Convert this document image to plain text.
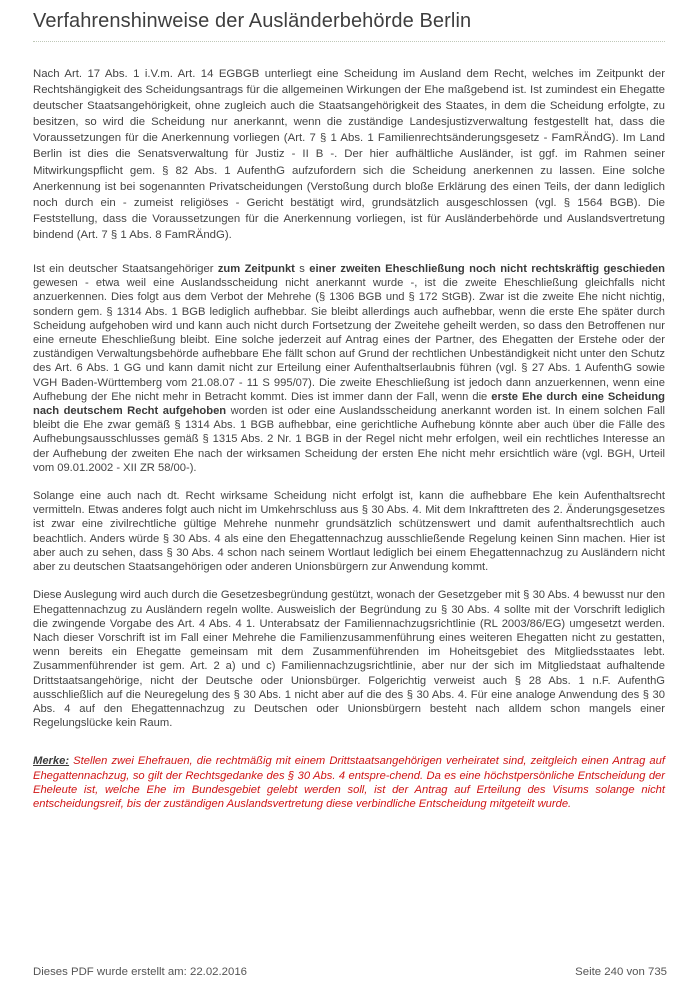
Verfahrenshinweise der Ausländerbehörde Berlin

Nach Art. 17 Abs. 1 i.V.m. Art. 14 EGBGB unterliegt eine Scheidung im Ausland dem Recht, welches im Zeitpunkt der Rechtshängigkeit des Scheidungsantrags für die allgemeinen Wirkungen der Ehe maßgebend ist. Ist zumindest ein Ehegatte deutscher Staatsangehörigkeit, ohne zugleich auch die Staatsangehörigkeit des Staates, in dem die Scheidung erfolgte, zu besitzen, so wird die Scheidung nur anerkannt, wenn die zuständige Landesjustizverwaltung festgestellt hat, dass die Voraussetzungen für die Anerkennung vorliegen (Art. 7 § 1 Abs. 1 Familienrechtsänderungsgesetz - FamRÄndG). Im Land Berlin ist dies die Senatsverwaltung für Justiz - II B -. Der hier aufhältliche Ausländer, ist ggf. im Rahmen seiner Mitwirkungspflicht gem. § 82 Abs. 1 AufenthG aufzufordern sich die Scheidung anerkennen zu lassen. Eine solche Anerkennung ist bei sogenannten Privatscheidungen (Verstoßung durch bloße Erklärung des einen Teils, der dann lediglich noch durch ein - zumeist religiöses - Gericht bestätigt wird, grundsätzlich ausgeschlossen (vgl. § 1564 BGB). Die Feststellung, dass die Voraussetzungen für die Anerkennung vorliegen, ist für Ausländerbehörde und Auslandsvertretung bindend (Art. 7 § 1 Abs. 8 FamRÄndG).

Ist ein deutscher Staatsangehöriger zum Zeitpunkt s einer zweiten Eheschließung noch nicht rechtskräftig geschieden gewesen - etwa weil eine Auslandsscheidung nicht anerkannt wurde -, ist die zweite Eheschließung gleichfalls nicht anzuerkennen. Dies folgt aus dem Verbot der Mehrehe (§ 1306 BGB und § 172 StGB). Zwar ist die zweite Ehe nicht nichtig, sondern gem. § 1314 Abs. 1 BGB lediglich aufhebbar. Sie bleibt allerdings auch aufhebbar, wenn die erste Ehe später durch Scheidung aufgehoben wird und kann auch nicht durch Fortsetzung der Zweitehe geheilt werden, so dass den Betroffenen nur eine erneute Eheschließung bleibt. Eine solche jederzeit auf Antrag eines der Partner, des Ehegatten der Erstehe oder der zuständigen Verwaltungsbehörde aufhebbare Ehe fällt schon auf Grund der rechtlichen Unbeständigkeit nicht unter den Schutz des Art. 6 Abs. 1 GG und kann damit nicht zur Erteilung einer Aufenthaltserlaubnis führen (vgl. § 27 Abs. 1 AufenthG sowie VGH Baden-Württemberg vom 21.08.07 - 11 S 995/07). Die zweite Eheschließung ist jedoch dann anzuerkennen, wenn eine Aufhebung der Ehe nicht mehr in Betracht kommt. Dies ist immer dann der Fall, wenn die erste Ehe durch eine Scheidung nach deutschem Recht aufgehoben worden ist oder eine Auslandsscheidung anerkannt worden ist. In einem solchen Fall bleibt die Ehe zwar gemäß § 1314 Abs. 1 BGB aufhebbar, eine gerichtliche Aufhebung könnte aber auch über die Fälle des Aufhebungsausschlusses gemäß § 1315 Abs. 2 Nr. 1 BGB in der Regel nicht mehr erfolgen, weil ein rechtliches Interesse an der Aufhebung der zweiten Ehe nach der wirksamen Scheidung der ersten Ehe nicht mehr ersichtlich wäre (vgl. BGH, Urteil vom 09.01.2002 - XII ZR 58/00-).

Solange eine auch nach dt. Recht wirksame Scheidung nicht erfolgt ist, kann die aufhebbare Ehe kein Aufenthaltsrecht vermitteln. Etwas anderes folgt auch nicht im Umkehrschluss aus § 30 Abs. 4. Mit dem Inkrafttreten des 2. Änderungsgesetzes ist zwar eine zivilrechtliche gültige Mehrehe nunmehr grundsätzlich schützenswert und damit aufenthaltsrechtlich auch beachtlich. Anders würde § 30 Abs. 4 als eine den Ehegattennachzug ausschließende Regelung keinen Sinn machen. Hier ist aber auch zu sehen, dass § 30 Abs. 4 schon nach seinem Wortlaut lediglich bei einem Ehegattennachzug zu Ausländern nicht aber zu deutschen Staatsangehörigen oder anderen Unionsbürgern zur Anwendung kommt.

Diese Auslegung wird auch durch die Gesetzesbegründung gestützt, wonach der Gesetzgeber mit § 30 Abs. 4 bewusst nur den Ehegattennachzug zu Ausländern regeln wollte. Ausweislich der Begründung zu § 30 Abs. 4 sollte mit der Vorschrift lediglich die zwingende Vorgabe des Art. 4 Abs. 4 1. Unterabsatz der Familiennachzugsrichtlinie (RL 2003/86/EG) umgesetzt werden. Nach dieser Vorschrift ist im Fall einer Mehrehe die Familienzusammenführung eines weiteren Ehegatten nicht zu gestatten, wenn bereits ein Ehegatte gemeinsam mit dem Zusammenführenden im Hoheitsgebiet des Mitgliedsstaates lebt. Zusammenführender ist gem. Art. 2 a) und c) Familiennachzugsrichtlinie, aber nur der sich im Mitgliedstaat aufhaltende Drittstaatsangehörige, nicht der Deutsche oder Unionsbürger. Folgerichtig verweist auch § 28 Abs. 1 n.F. AufenthG ausschließlich auf die Neuregelung des § 30 Abs. 1 nicht aber auf die des § 30 Abs. 4. Für eine analoge Anwendung des § 30 Abs. 4 auf den Ehegattennachzug zu Deutschen oder Unionsbürgern besteht nach alldem schon mangels einer Regelungslücke kein Raum.

Merke: Stellen zwei Ehefrauen, die rechtmäßig mit einem Drittstaatsangehörigen verheiratet sind, zeitgleich einen Antrag auf Ehegattennachzug, so gilt der Rechtsgedanke des § 30 Abs. 4 entspre-chend. Da es eine höchstpersönliche Entscheidung der Eheleute ist, welche Ehe im Bundesgebiet gelebt werden soll, ist der Antrag auf Erteilung des Visums solange nicht entscheidungsreif, bis der zuständigen Auslandsvertretung diese verbindliche Entscheidung mitgeteilt wurde.

Dieses PDF wurde erstellt am: 22.02.2016	Seite 240 von 735
